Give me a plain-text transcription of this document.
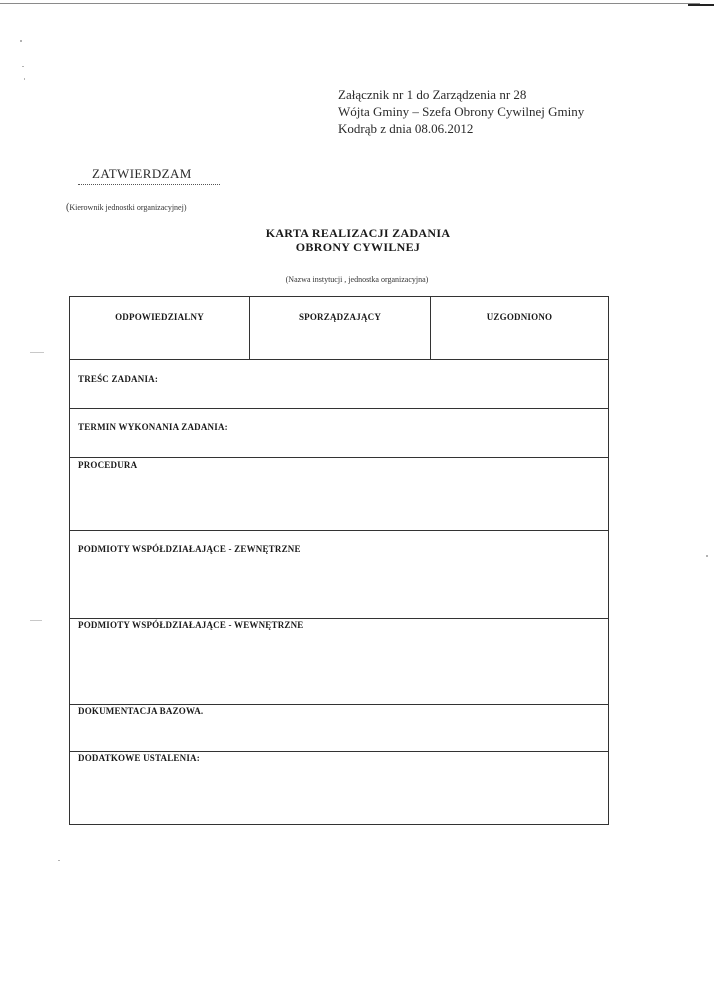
Załącznik nr 1 do Zarządzenia nr 28
Wójta Gminy – Szefa Obrony Cywilnej Gminy
Kodrąb z dnia 08.06.2012
ZATWIERDZAM
(Kierownik jednostki organizacyjnej)
KARTA REALIZACJI ZADANIA
OBRONY CYWILNEJ
(Nazwa instytucji , jednostka organizacyjna)
ODPOWIEDZIALNY	SPORZĄDZAJĄCY	UZGODNIONO
TREŚC ZADANIA:
TERMIN WYKONANIA ZADANIA:
PROCEDURA
PODMIOTY WSPÓŁDZIAŁAJĄCE - ZEWNĘTRZNE
PODMIOTY WSPÓŁDZIAŁAJĄCE - WEWNĘTRZNE
DOKUMENTACJA BAZOWA.
DODATKOWE USTALENIA:
